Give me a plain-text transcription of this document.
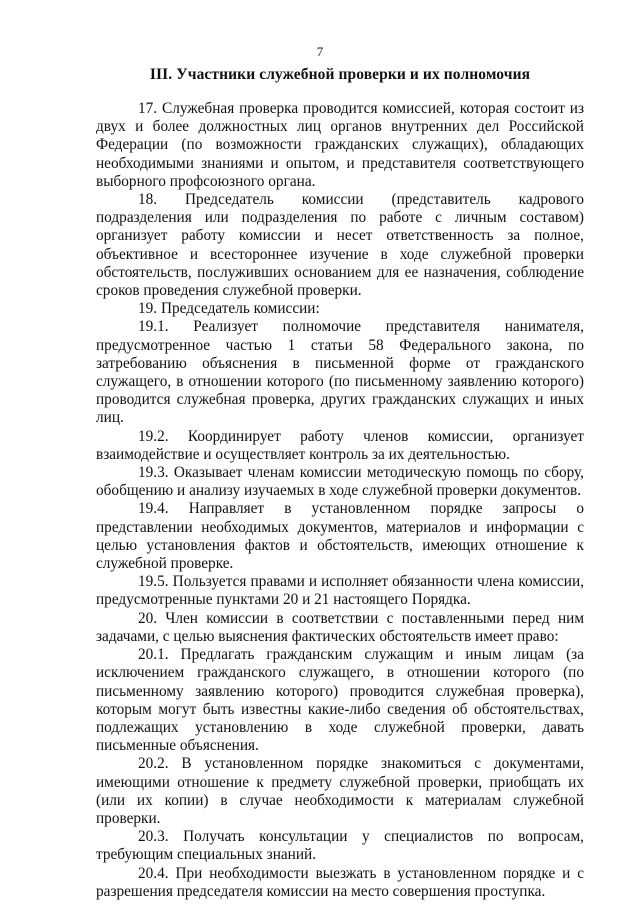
7
III. Участники служебной проверки и их полномочия

17. Служебная проверка проводится комиссией, которая состоит из двух и более должностных лиц органов внутренних дел Российской Федерации (по возможности гражданских служащих), обладающих необходимыми знаниями и опытом, и представителя соответствующего выборного профсоюзного органа.

18. Председатель комиссии (представитель кадрового подразделения или подразделения по работе с личным составом) организует работу комиссии и несет ответственность за полное, объективное и всестороннее изучение в ходе служебной проверки обстоятельств, послуживших основанием для ее назначения, соблюдение сроков проведения служебной проверки.

19. Председатель комиссии:

19.1. Реализует полномочие представителя нанимателя, предусмотренное частью 1 статьи 58 Федерального закона, по затребованию объяснения в письменной форме от гражданского служащего, в отношении которого (по письменному заявлению которого) проводится служебная проверка, других гражданских служащих и иных лиц.

19.2. Координирует работу членов комиссии, организует взаимодействие и осуществляет контроль за их деятельностью.

19.3. Оказывает членам комиссии методическую помощь по сбору, обобщению и анализу изучаемых в ходе служебной проверки документов.

19.4. Направляет в установленном порядке запросы о представлении необходимых документов, материалов и информации с целью установления фактов и обстоятельств, имеющих отношение к служебной проверке.

19.5. Пользуется правами и исполняет обязанности члена комиссии, предусмотренные пунктами 20 и 21 настоящего Порядка.

20. Член комиссии в соответствии с поставленными перед ним задачами, с целью выяснения фактических обстоятельств имеет право:

20.1. Предлагать гражданским служащим и иным лицам (за исключением гражданского служащего, в отношении которого (по письменному заявлению которого) проводится служебная проверка), которым могут быть известны какие-либо сведения об обстоятельствах, подлежащих установлению в ходе служебной проверки, давать письменные объяснения.

20.2. В установленном порядке знакомиться с документами, имеющими отношение к предмету служебной проверки, приобщать их (или их копии) в случае необходимости к материалам служебной проверки.

20.3. Получать консультации у специалистов по вопросам, требующим специальных знаний.

20.4. При необходимости выезжать в установленном порядке и с разрешения председателя комиссии на место совершения проступка.
